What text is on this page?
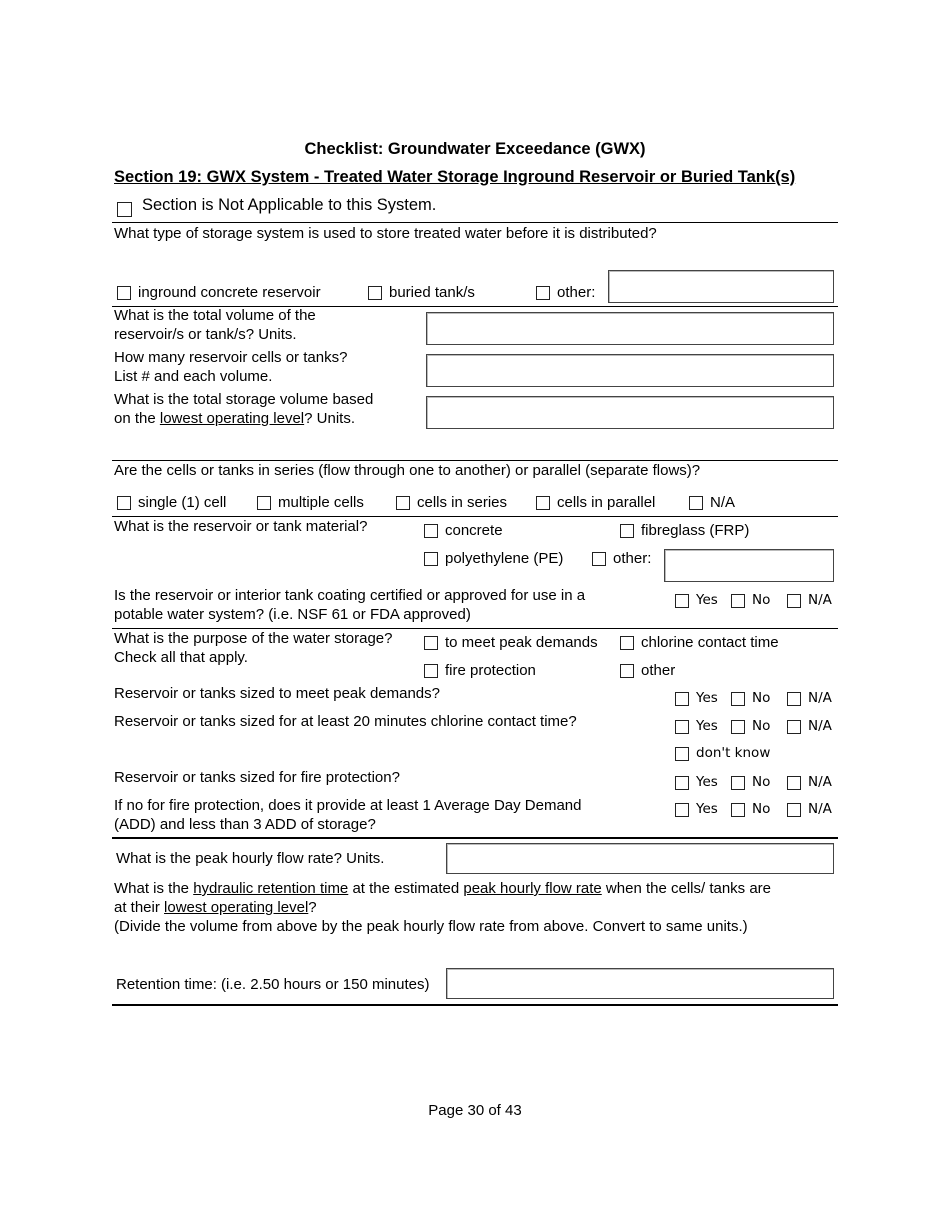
Checklist: Groundwater Exceedance (GWX)
Section 19: GWX System - Treated Water Storage Inground Reservoir or Buried Tank(s)
Section is Not Applicable to this System.
What type of storage system is used to store treated water before it is distributed?
inground concrete reservoir	buried tank/s	other:
What is the total volume of the
reservoir/s or tank/s? Units.
How many reservoir cells or tanks?
List # and each volume.
What is the total storage volume based
on the lowest operating level? Units.
Are the cells or tanks in series (flow through one to another) or parallel (separate flows)?
single (1) cell	multiple cells	cells in series	cells in parallel	N/A
What is the reservoir or tank material?	concrete	fibreglass (FRP)
polyethylene (PE)	other:
Is the reservoir or interior tank coating certified or approved for use in a
potable water system? (i.e. NSF 61 or FDA approved)
Yes	No	N/A
What is the purpose of the water storage?
Check all that apply.
to meet peak demands	chlorine contact time
fire protection	other
Reservoir or tanks sized to meet peak demands?	Yes	No	N/A
Reservoir or tanks sized for at least 20 minutes chlorine contact time?	Yes	No	N/A
don't know
Reservoir or tanks sized for fire protection?	Yes	No	N/A
If no for fire protection, does it provide at least 1 Average Day Demand
(ADD) and less than 3 ADD of storage?
Yes	No	N/A
What is the peak hourly flow rate? Units.
What is the hydraulic retention time at the estimated peak hourly flow rate when the cells/ tanks are
at their lowest operating level?
(Divide the volume from above by the peak hourly flow rate from above. Convert to same units.)
Retention time: (i.e. 2.50 hours or 150 minutes)
Page 30 of 43
